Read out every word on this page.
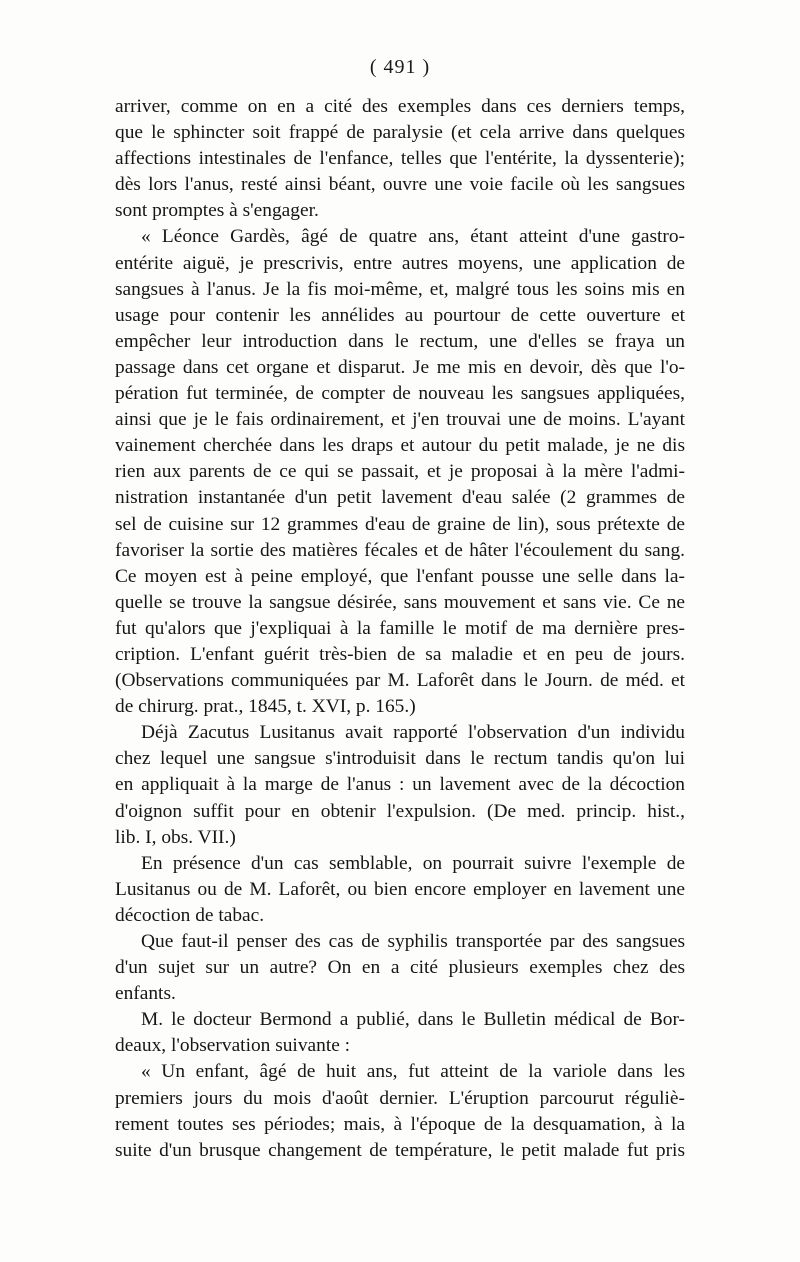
( 491 )
arriver, comme on en a cité des exemples dans ces derniers temps,
que le sphincter soit frappé de paralysie (et cela arrive dans quelques
affections intestinales de l'enfance, telles que l'entérite, la dyssenterie);
dès lors l'anus, resté ainsi béant, ouvre une voie facile où les sangsues
sont promptes à s'engager.
« Léonce Gardès, âgé de quatre ans, étant atteint d'une gastro-
entérite aiguë, je prescrivis, entre autres moyens, une application de
sangsues à l'anus. Je la fis moi-même, et, malgré tous les soins mis en
usage pour contenir les annélides au pourtour de cette ouverture et
empêcher leur introduction dans le rectum, une d'elles se fraya un
passage dans cet organe et disparut. Je me mis en devoir, dès que l'o-
pération fut terminée, de compter de nouveau les sangsues appliquées,
ainsi que je le fais ordinairement, et j'en trouvai une de moins. L'ayant
vainement cherchée dans les draps et autour du petit malade, je ne dis
rien aux parents de ce qui se passait, et je proposai à la mère l'admi-
nistration instantanée d'un petit lavement d'eau salée (2 grammes de
sel de cuisine sur 12 grammes d'eau de graine de lin), sous prétexte de
favoriser la sortie des matières fécales et de hâter l'écoulement du sang.
Ce moyen est à peine employé, que l'enfant pousse une selle dans la-
quelle se trouve la sangsue désirée, sans mouvement et sans vie. Ce ne
fut qu'alors que j'expliquai à la famille le motif de ma dernière pres-
cription. L'enfant guérit très-bien de sa maladie et en peu de jours.
(Observations communiquées par M. Laforêt dans le Journ. de méd. et
de chirurg. prat., 1845, t. XVI, p. 165.)
Déjà Zacutus Lusitanus avait rapporté l'observation d'un individu
chez lequel une sangsue s'introduisit dans le rectum tandis qu'on lui
en appliquait à la marge de l'anus : un lavement avec de la décoction
d'oignon suffit pour en obtenir l'expulsion. (De med. princip. hist.,
lib. I, obs. VII.)
En présence d'un cas semblable, on pourrait suivre l'exemple de
Lusitanus ou de M. Laforêt, ou bien encore employer en lavement une
décoction de tabac.
Que faut-il penser des cas de syphilis transportée par des sangsues
d'un sujet sur un autre? On en a cité plusieurs exemples chez des
enfants.
M. le docteur Bermond a publié, dans le Bulletin médical de Bor-
deaux, l'observation suivante :
« Un enfant, âgé de huit ans, fut atteint de la variole dans les
premiers jours du mois d'août dernier. L'éruption parcourut réguliè-
rement toutes ses périodes; mais, à l'époque de la desquamation, à la
suite d'un brusque changement de température, le petit malade fut pris
